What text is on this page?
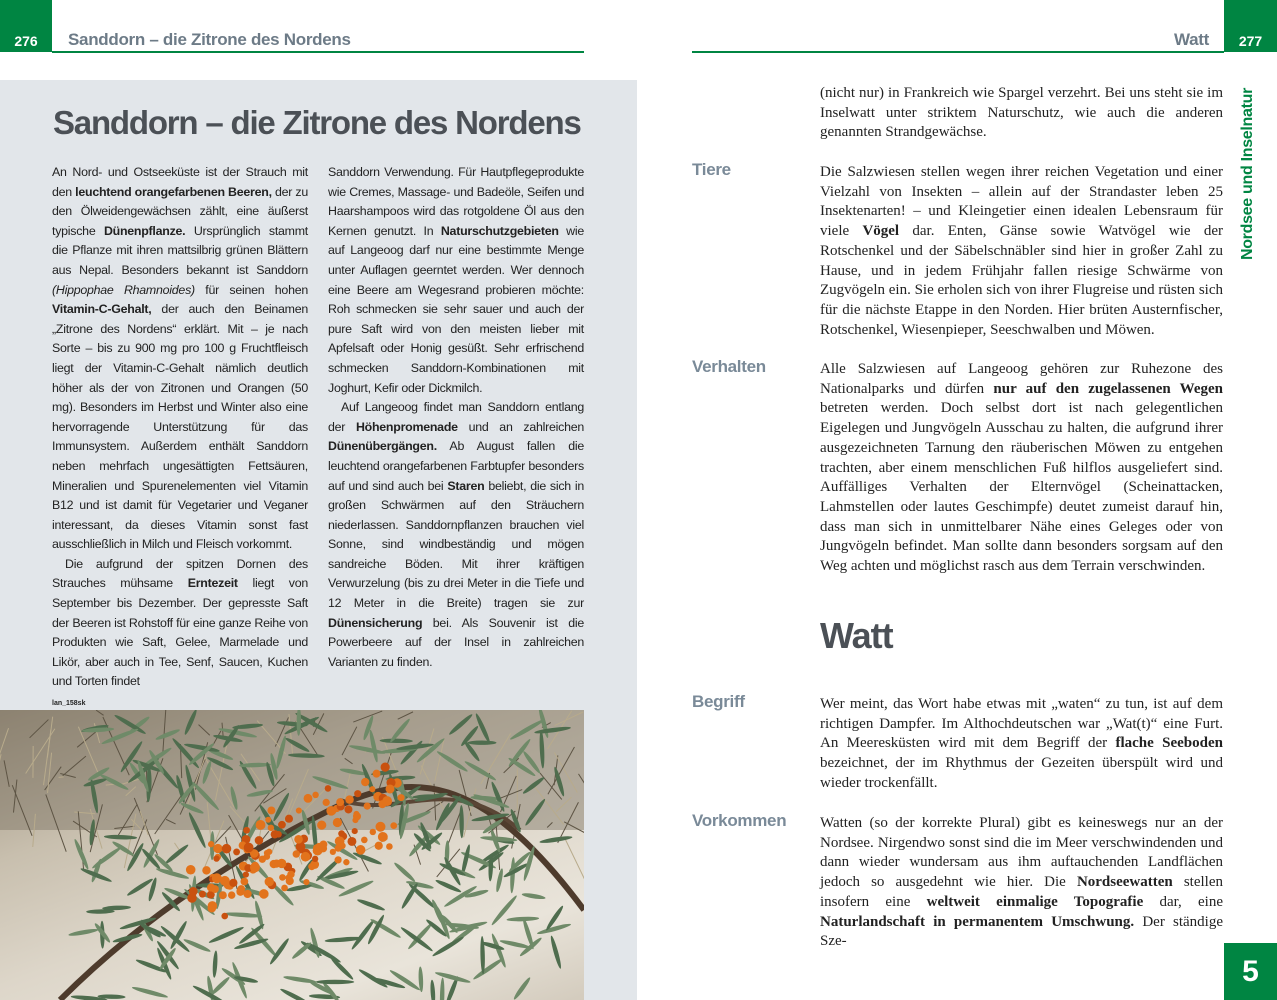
276 Sanddorn – die Zitrone des Nordens
Sanddorn – die Zitrone des Nordens

An Nord- und Ostseeküste ist der Strauch mit den leuchtend orangefarbenen Beeren, der zu den Ölweidengewächsen zählt, eine äußerst typische Dünenpflanze. Ursprünglich stammt die Pflanze mit ihren mattsilbrig grünen Blättern aus Nepal. Besonders bekannt ist Sanddorn (Hippophae Rhamnoides) für seinen hohen Vitamin-C-Gehalt, der auch den Beinamen „Zitrone des Nordens“ erklärt. Mit – je nach Sorte – bis zu 900 mg pro 100 g Fruchtfleisch liegt der Vitamin-C-Gehalt nämlich deutlich höher als der von Zitronen und Orangen (50 mg). Besonders im Herbst und Winter also eine hervorragende Unterstützung für das Immunsystem. Außerdem enthält Sanddorn neben mehrfach ungesättigten Fettsäuren, Mineralien und Spurenelementen viel Vitamin B12 und ist damit für Vegetarier und Veganer interessant, da dieses Vitamin sonst fast ausschließlich in Milch und Fleisch vorkommt.

Die aufgrund der spitzen Dornen des Strauches mühsame Erntezeit liegt von September bis Dezember. Der gepresste Saft der Beeren ist Rohstoff für eine ganze Reihe von Produkten wie Saft, Gelee, Marmelade und Likör, aber auch in Tee, Senf, Saucen, Kuchen und Torten findet

Sanddorn Verwendung. Für Hautpflegeprodukte wie Cremes, Massage- und Badeöle, Seifen und Haarshampoos wird das rotgoldene Öl aus den Kernen genutzt. In Naturschutzgebieten wie auf Langeoog darf nur eine bestimmte Menge unter Auflagen geerntet werden. Wer dennoch eine Beere am Wegesrand probieren möchte: Roh schmecken sie sehr sauer und auch der pure Saft wird von den meisten lieber mit Apfelsaft oder Honig gesüßt. Sehr erfrischend schmecken Sanddorn-Kombinationen mit Joghurt, Kefir oder Dickmilch.

Auf Langeoog findet man Sanddorn entlang der Höhenpromenade und an zahlreichen Dünenübergängen. Ab August fallen die leuchtend orangefarbenen Farbtupfer besonders auf und sind auch bei Staren beliebt, die sich in großen Schwärmen auf den Sträuchern niederlassen. Sanddornpflanzen brauchen viel Sonne, sind windbeständig und mögen sandreiche Böden. Mit ihrer kräftigen Verwurzelung (bis zu drei Meter in die Tiefe und 12 Meter in die Breite) tragen sie zur Dünensicherung bei. Als Souvenir ist die Powerbeere auf der Insel in zahlreichen Varianten zu finden.

lan_158sk
Watt 277
Nordsee und Inselnatur

(nicht nur) in Frankreich wie Spargel verzehrt. Bei uns steht sie im Inselwatt unter striktem Naturschutz, wie auch die anderen genannten Strandgewächse.

Tiere	Die Salzwiesen stellen wegen ihrer reichen Vegetation und einer Vielzahl von Insekten – allein auf der Strandaster leben 25 Insektenarten! – und Kleingetier einen idealen Lebensraum für viele Vögel dar. Enten, Gänse sowie Watvögel wie der Rotschenkel und der Säbelschnäbler sind hier in großer Zahl zu Hause, und in jedem Frühjahr fallen riesige Schwärme von Zugvögeln ein. Sie erholen sich von ihrer Flugreise und rüsten sich für die nächste Etappe in den Norden. Hier brüten Austernfischer, Rotschenkel, Wiesenpieper, Seeschwalben und Möwen.

Verhalten	Alle Salzwiesen auf Langeoog gehören zur Ruhezone des Nationalparks und dürfen nur auf den zugelassenen Wegen betreten werden. Doch selbst dort ist nach gelegentlichen Eigelegen und Jungvögeln Ausschau zu halten, die aufgrund ihrer ausgezeichneten Tarnung den räuberischen Möwen zu entgehen trachten, aber einem menschlichen Fuß hilflos ausgeliefert sind. Auffälliges Verhalten der Elternvögel (Scheinattacken, Lahmstellen oder lautes Geschimpfe) deutet zumeist darauf hin, dass man sich in unmittelbarer Nähe eines Geleges oder von Jungvögeln befindet. Man sollte dann besonders sorgsam auf den Weg achten und möglichst rasch aus dem Terrain verschwinden.

Watt
Begriff	Wer meint, das Wort habe etwas mit „waten“ zu tun, ist auf dem richtigen Dampfer. Im Althochdeutschen war „Wat(t)“ eine Furt. An Meeresküsten wird mit dem Begriff der flache Seeboden bezeichnet, der im Rhythmus der Gezeiten überspült wird und wieder trockenfällt.

Vorkommen Watten (so der korrekte Plural) gibt es keineswegs nur an der Nordsee. Nirgendwo sonst sind die im Meer verschwindenden und dann wieder wundersam aus ihm auftauchenden Landflächen jedoch so ausgedehnt wie hier. Die Nordseewatten stellen insofern eine weltweit einmalige Topografie dar, eine Naturlandschaft in permanentem Umschwung. Der ständige Sze-

5
